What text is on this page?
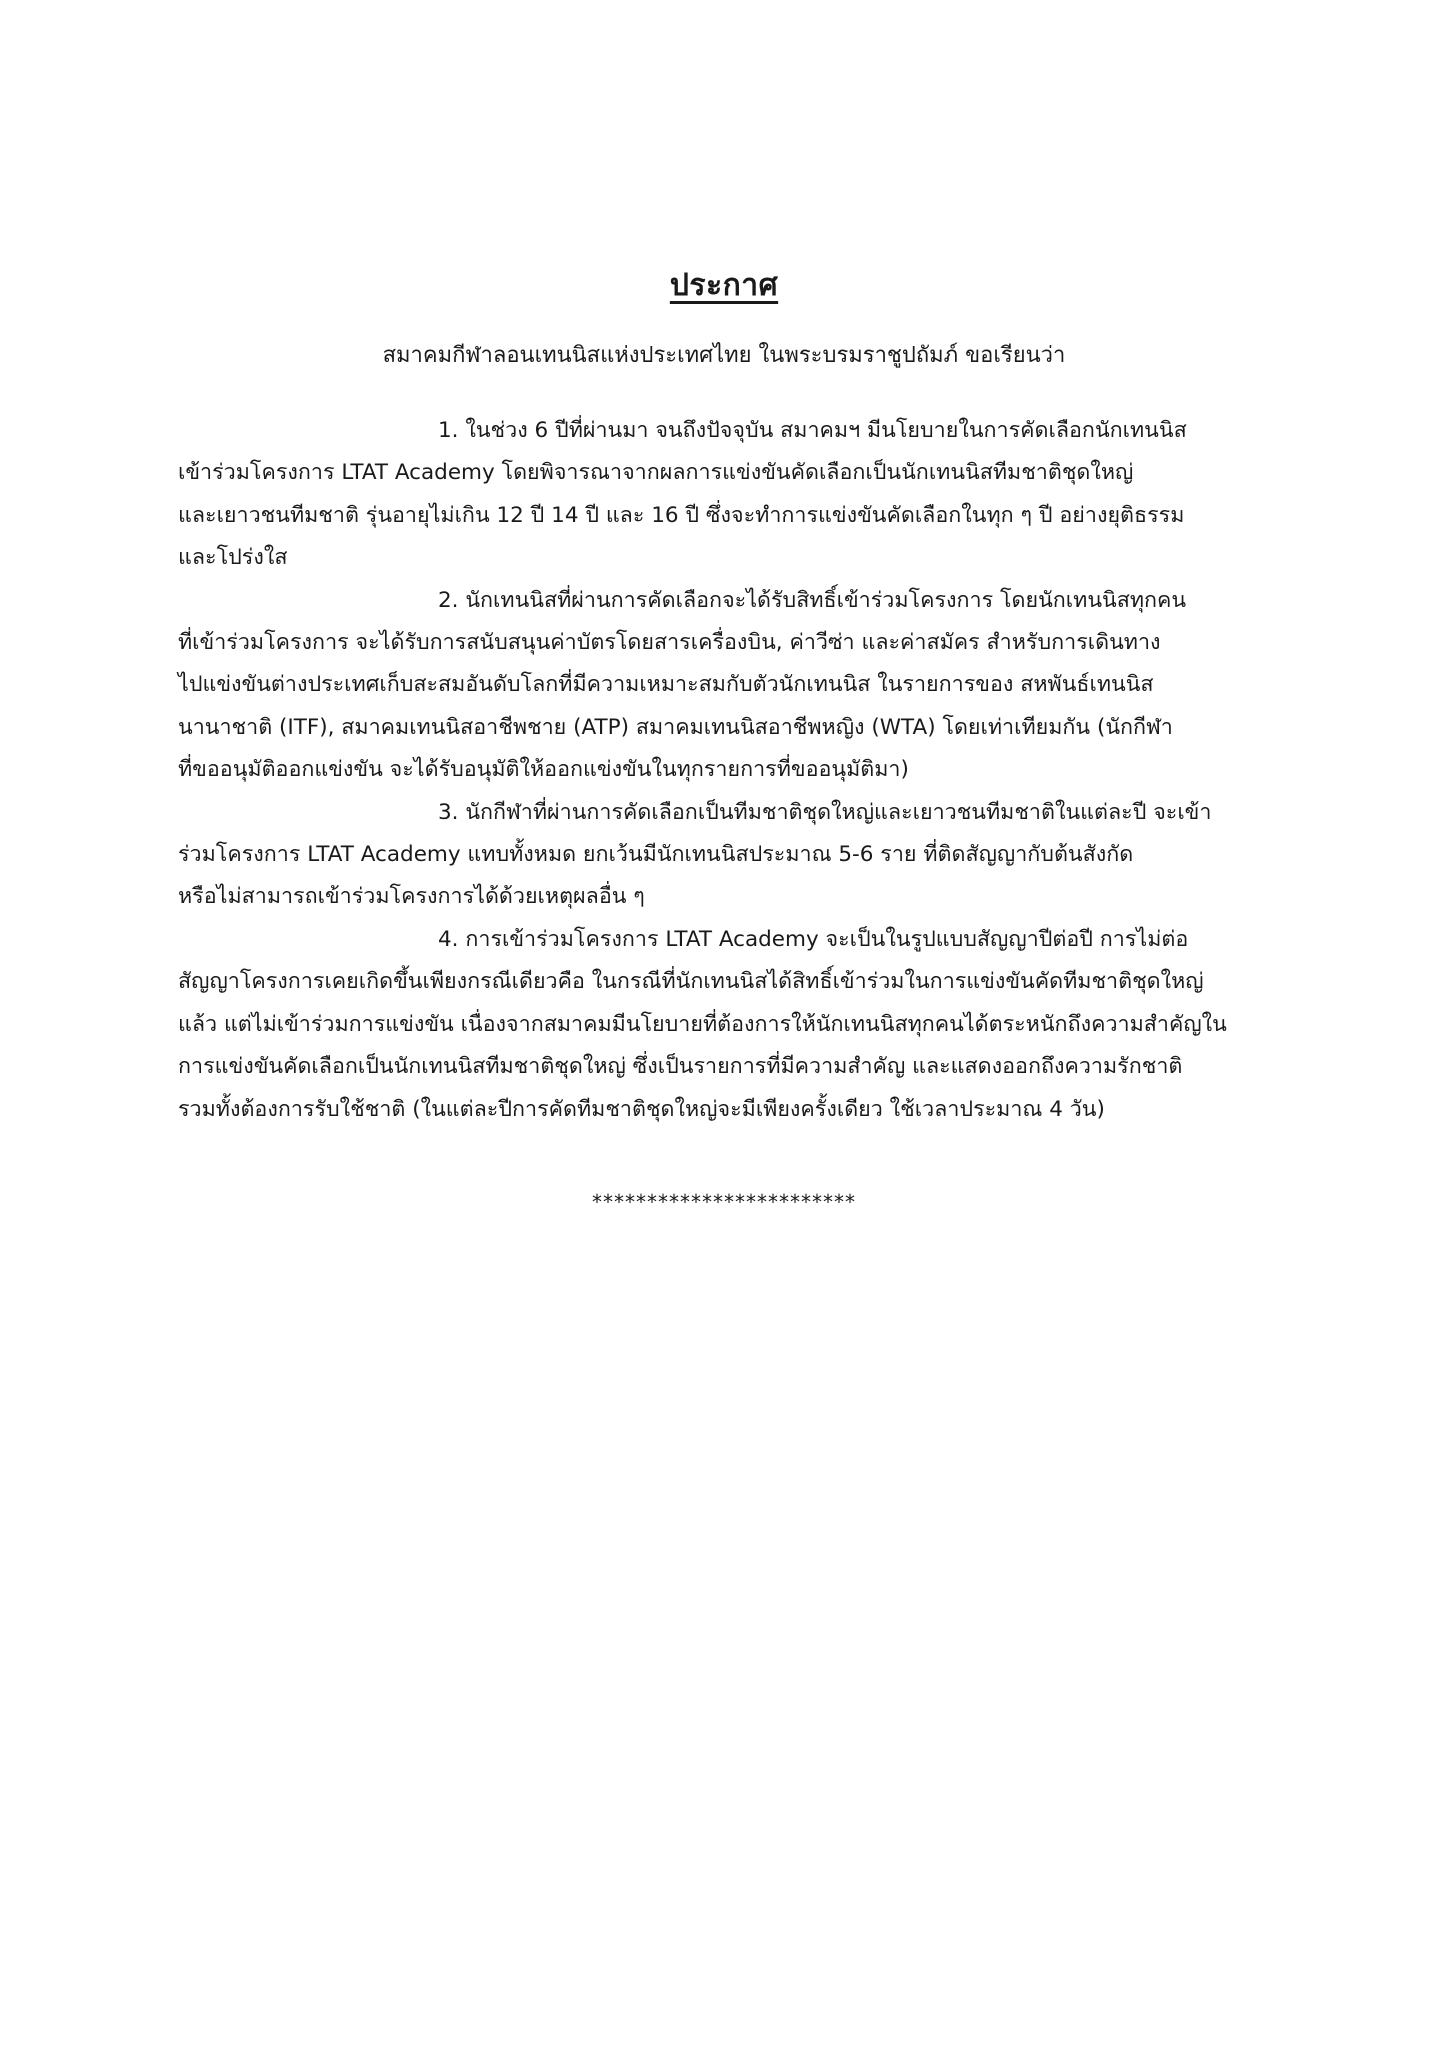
ประกาศ
สมาคมกีฬาลอนเทนนิสแห่งประเทศไทย ในพระบรมราชูปถัมภ์ ขอเรียนว่า

1. ในช่วง 6 ปีที่ผ่านมา จนถึงปัจจุบัน สมาคมฯ มีนโยบายในการคัดเลือกนักเทนนิส
เข้าร่วมโครงการ LTAT Academy โดยพิจารณาจากผลการแข่งขันคัดเลือกเป็นนักเทนนิสทีมชาติชุดใหญ่
และเยาวชนทีมชาติ รุ่นอายุไม่เกิน 12 ปี 14 ปี และ 16 ปี ซึ่งจะทำการแข่งขันคัดเลือกในทุก ๆ ปี อย่างยุติธรรม
และโปร่งใส

2. นักเทนนิสที่ผ่านการคัดเลือกจะได้รับสิทธิ์เข้าร่วมโครงการ โดยนักเทนนิสทุกคน
ที่เข้าร่วมโครงการ จะได้รับการสนับสนุนค่าบัตรโดยสารเครื่องบิน, ค่าวีซ่า และค่าสมัคร สำหรับการเดินทาง
ไปแข่งขันต่างประเทศเก็บสะสมอันดับโลกที่มีความเหมาะสมกับตัวนักเทนนิส ในรายการของ สหพันธ์เทนนิส
นานาชาติ (ITF), สมาคมเทนนิสอาชีพชาย (ATP) สมาคมเทนนิสอาชีพหญิง (WTA) โดยเท่าเทียมกัน (นักกีฬา
ที่ขออนุมัติออกแข่งขัน จะได้รับอนุมัติให้ออกแข่งขันในทุกรายการที่ขออนุมัติมา)

3. นักกีฬาที่ผ่านการคัดเลือกเป็นทีมชาติชุดใหญ่และเยาวชนทีมชาติในแต่ละปี จะเข้า
ร่วมโครงการ LTAT Academy แทบทั้งหมด ยกเว้นมีนักเทนนิสประมาณ 5-6 ราย ที่ติดสัญญากับต้นสังกัด
หรือไม่สามารถเข้าร่วมโครงการได้ด้วยเหตุผลอื่น ๆ

4. การเข้าร่วมโครงการ LTAT Academy จะเป็นในรูปแบบสัญญาปีต่อปี การไม่ต่อ
สัญญาโครงการเคยเกิดขึ้นเพียงกรณีเดียวคือ ในกรณีที่นักเทนนิสได้สิทธิ์เข้าร่วมในการแข่งขันคัดทีมชาติชุดใหญ่
แล้ว แต่ไม่เข้าร่วมการแข่งขัน เนื่องจากสมาคมมีนโยบายที่ต้องการให้นักเทนนิสทุกคนได้ตระหนักถึงความสำคัญใน
การแข่งขันคัดเลือกเป็นนักเทนนิสทีมชาติชุดใหญ่ ซึ่งเป็นรายการที่มีความสำคัญ และแสดงออกถึงความรักชาติ
รวมทั้งต้องการรับใช้ชาติ (ในแต่ละปีการคัดทีมชาติชุดใหญ่จะมีเพียงครั้งเดียว ใช้เวลาประมาณ 4 วัน)

************************
